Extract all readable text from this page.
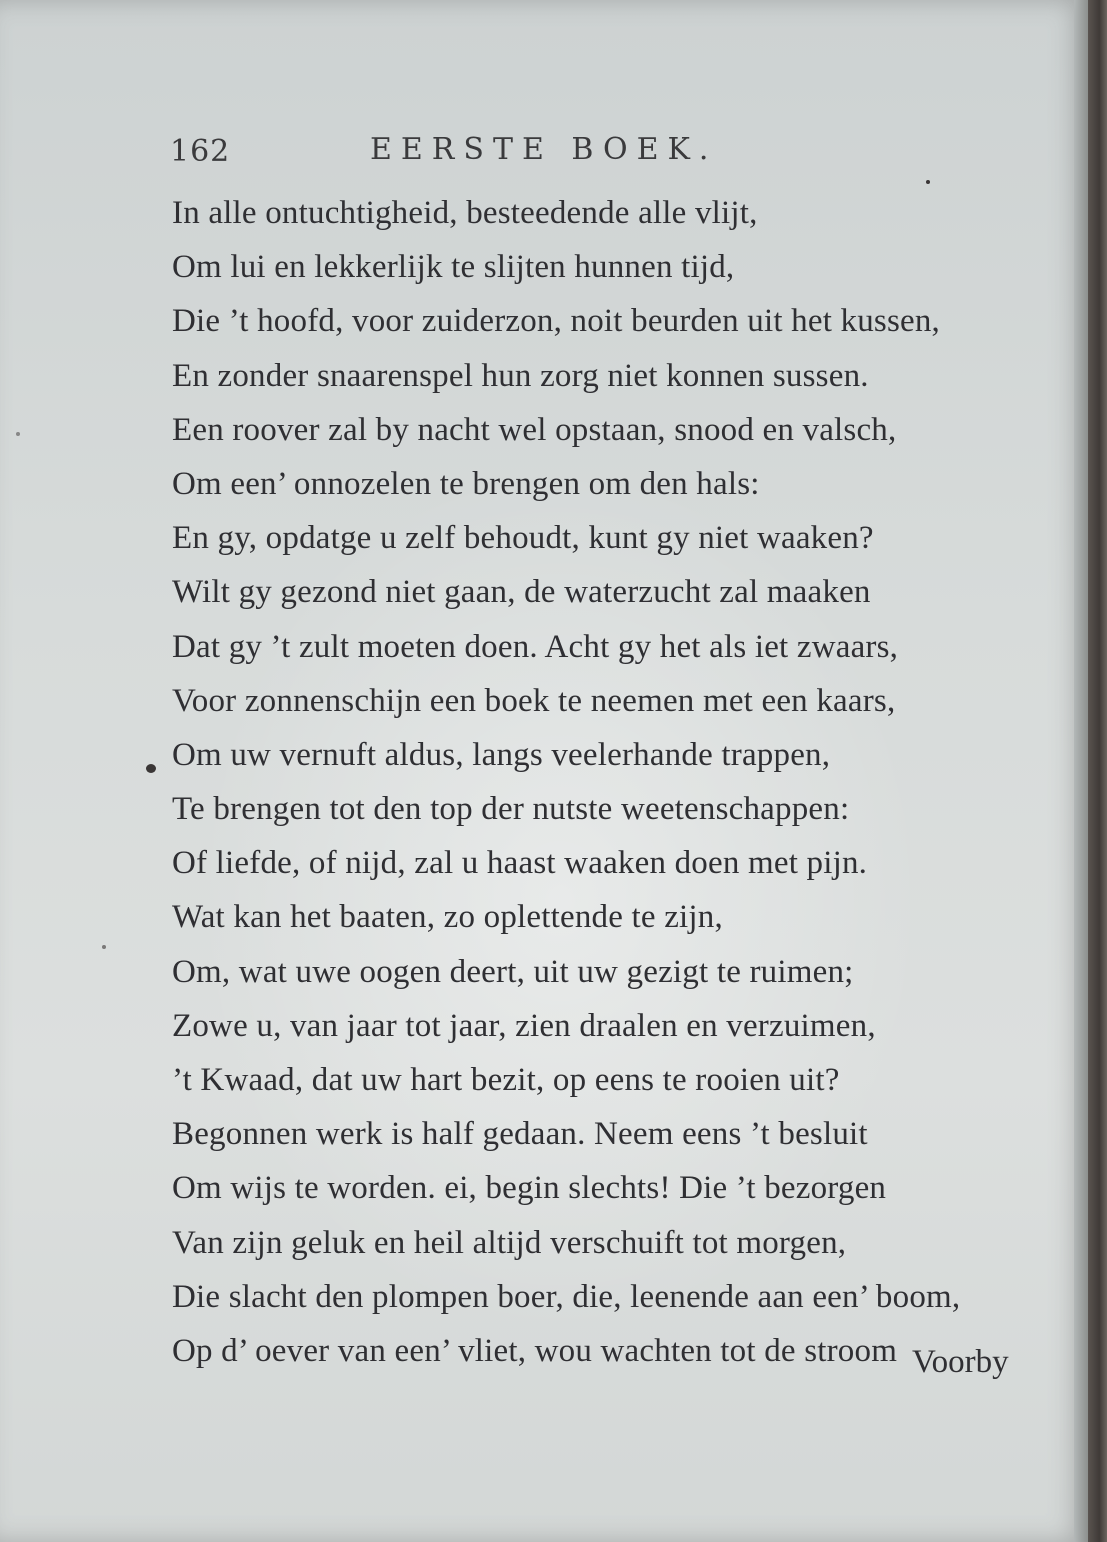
162	EERSTE BOEK.
In alle ontuchtigheid, besteedende alle vlijt,
Om lui en lekkerlijk te slijten hunnen tijd,
Die ’t hoofd, voor zuiderzon, noit beurden uit het kussen,
En zonder snaarenspel hun zorg niet konnen sussen.
Een roover zal by nacht wel opstaan, snood en valsch,
Om een’ onnozelen te brengen om den hals:
En gy, opdatge u zelf behoudt, kunt gy niet waaken?
Wilt gy gezond niet gaan, de waterzucht zal maaken
Dat gy ’t zult moeten doen. Acht gy het als iet zwaars,
Voor zonnenschijn een boek te neemen met een kaars,
Om uw vernuft aldus, langs veelerhande trappen,
Te brengen tot den top der nutste weetenschappen:
Of liefde, of nijd, zal u haast waaken doen met pijn.
Wat kan het baaten, zo oplettende te zijn,
Om, wat uwe oogen deert, uit uw gezigt te ruimen;
Zowe u, van jaar tot jaar, zien draalen en verzuimen,
’t Kwaad, dat uw hart bezit, op eens te rooien uit?
Begonnen werk is half gedaan. Neem eens ’t besluit
Om wijs te worden. ei, begin slechts! Die ’t bezorgen
Van zijn geluk en heil altijd verschuift tot morgen,
Die slacht den plompen boer, die, leenende aan een’ boom,
Op d’ oever van een’ vliet, wou wachten tot de stroom Voorby
